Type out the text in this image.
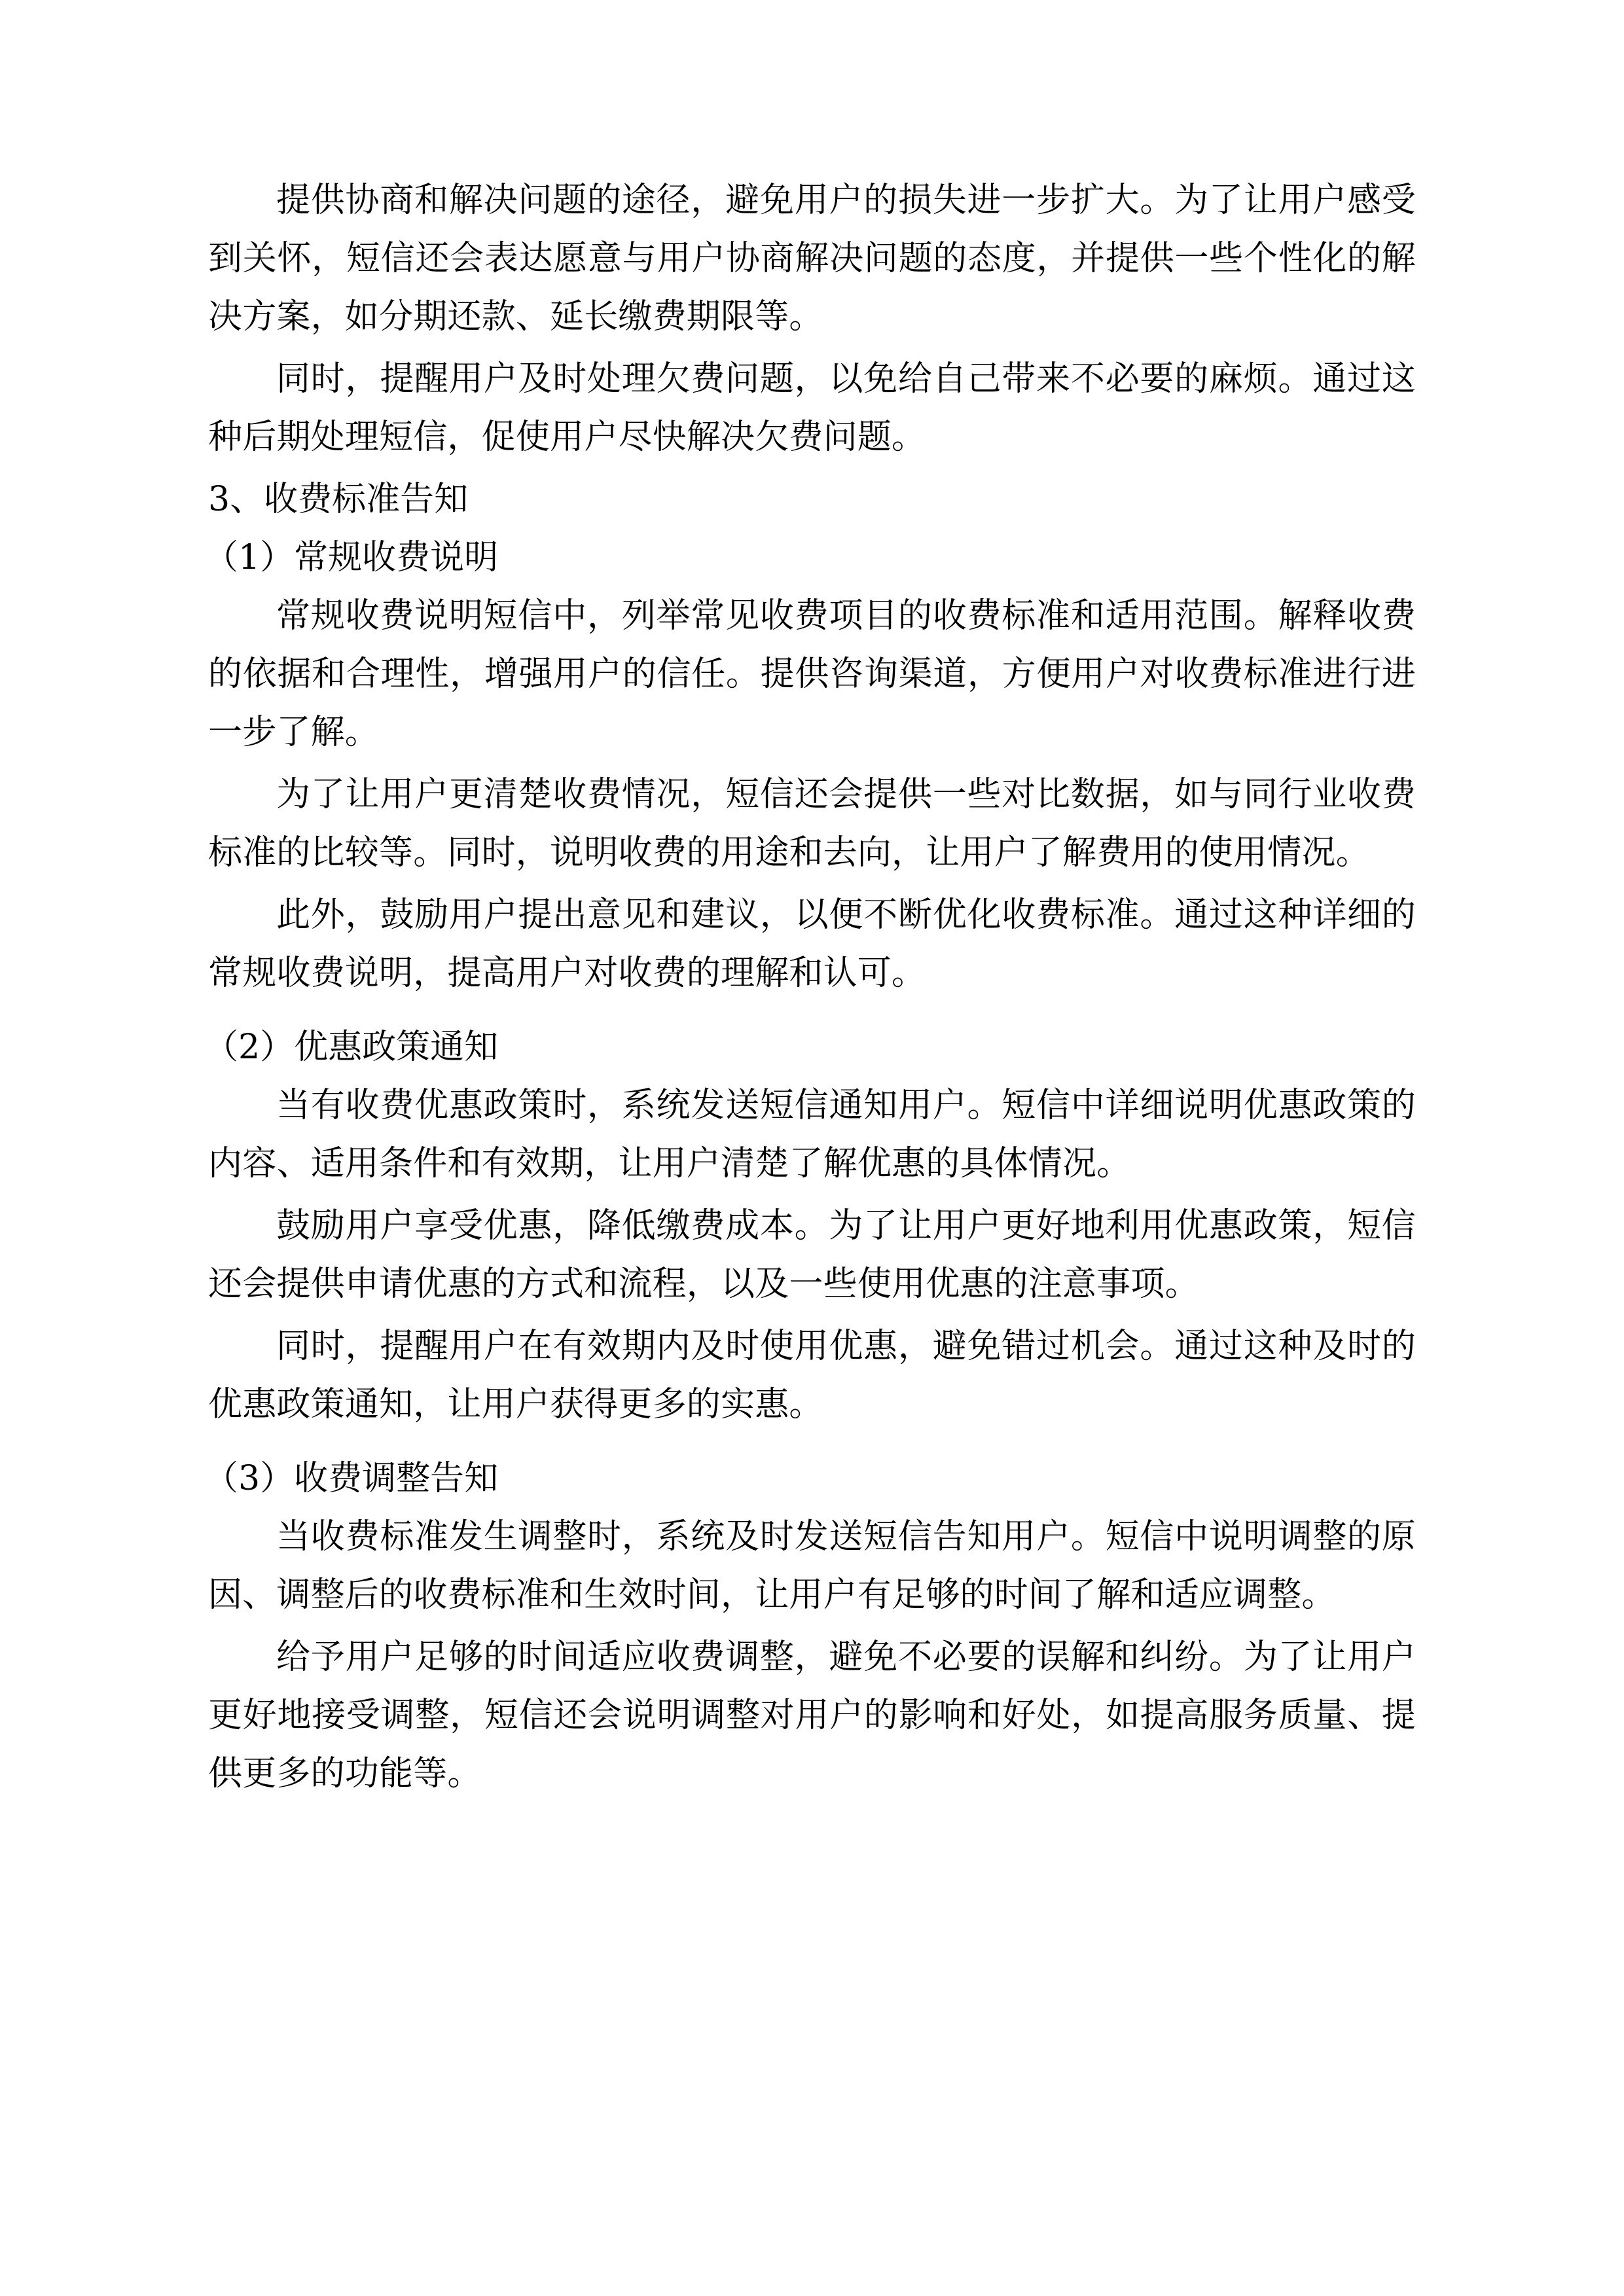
提供协商和解决问题的途径，避免用户的损失进一步扩大。为了让用户感受到关怀，短信还会表达愿意与用户协商解决问题的态度，并提供一些个性化的解决方案，如分期还款、延长缴费期限等。

同时，提醒用户及时处理欠费问题，以免给自己带来不必要的麻烦。通过这种后期处理短信，促使用户尽快解决欠费问题。

3、收费标准告知

（1）常规收费说明

常规收费说明短信中，列举常见收费项目的收费标准和适用范围。解释收费的依据和合理性，增强用户的信任。提供咨询渠道，方便用户对收费标准进行进一步了解。

为了让用户更清楚收费情况，短信还会提供一些对比数据，如与同行业收费标准的比较等。同时，说明收费的用途和去向，让用户了解费用的使用情况。

此外，鼓励用户提出意见和建议，以便不断优化收费标准。通过这种详细的常规收费说明，提高用户对收费的理解和认可。

（2）优惠政策通知

当有收费优惠政策时，系统发送短信通知用户。短信中详细说明优惠政策的内容、适用条件和有效期，让用户清楚了解优惠的具体情况。

鼓励用户享受优惠，降低缴费成本。为了让用户更好地利用优惠政策，短信还会提供申请优惠的方式和流程，以及一些使用优惠的注意事项。

同时，提醒用户在有效期内及时使用优惠，避免错过机会。通过这种及时的优惠政策通知，让用户获得更多的实惠。

（3）收费调整告知

当收费标准发生调整时，系统及时发送短信告知用户。短信中说明调整的原因、调整后的收费标准和生效时间，让用户有足够的时间了解和适应调整。

给予用户足够的时间适应收费调整，避免不必要的误解和纠纷。为了让用户更好地接受调整，短信还会说明调整对用户的影响和好处，如提高服务质量、提供更多的功能等。
